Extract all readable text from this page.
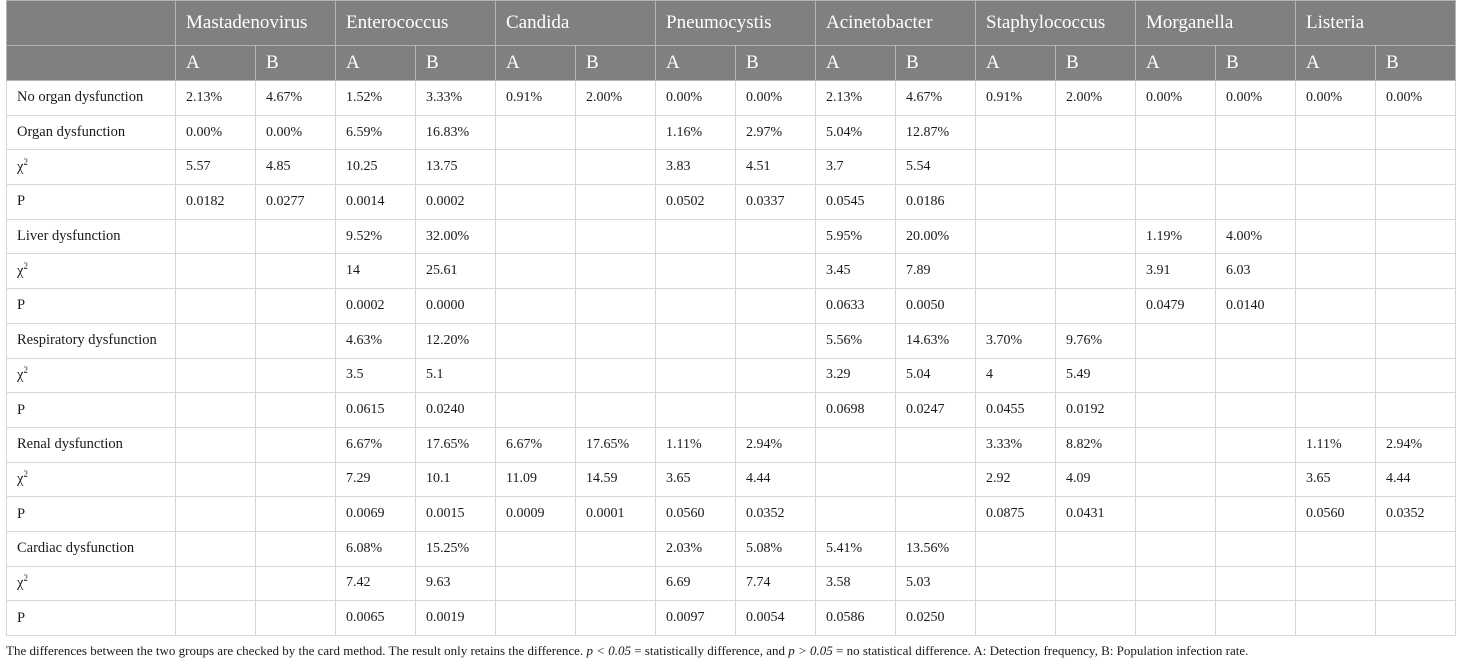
	Mastadenovirus		Enterococcus		Candida		Pneumocystis		Acinetobacter		Staphylococcus		Morganella		Listeria	
	A	B	A	B	A	B	A	B	A	B	A	B	A	B	A	B
No organ dysfunction	2.13%	4.67%	1.52%	3.33%	0.91%	2.00%	0.00%	0.00%	2.13%	4.67%	0.91%	2.00%	0.00%	0.00%	0.00%	0.00%
Organ dysfunction	0.00%	0.00%	6.59%	16.83%			1.16%	2.97%	5.04%	12.87%						
$\chi^2$	5.57	4.85	10.25	13.75			3.83	4.51	3.7	5.54						
P	0.0182	0.0277	0.0014	0.0002			0.0502	0.0337	0.0545	0.0186						
Liver dysfunction			9.52%	32.00%					5.95%	20.00%			1.19%	4.00%		
$\chi^2$			14	25.61					3.45	7.89			3.91	6.03		
P			0.0002	0.0000					0.0633	0.0050			0.0479	0.0140		
Respiratory dysfunction			4.63%	12.20%					5.56%	14.63%	3.70%	9.76%				
$\chi^2$			3.5	5.1					3.29	5.04	4	5.49				
P			0.0615	0.0240					0.0698	0.0247	0.0455	0.0192				
Renal dysfunction			6.67%	17.65%	6.67%	17.65%	1.11%	2.94%			3.33%	8.82%			1.11%	2.94%
$\chi^2$			7.29	10.1	11.09	14.59	3.65	4.44			2.92	4.09			3.65	4.44
P			0.0069	0.0015	0.0009	0.0001	0.0560	0.0352			0.0875	0.0431			0.0560	0.0352
Cardiac dysfunction			6.08%	15.25%			2.03%	5.08%	5.41%	13.56%						
$\chi^2$			7.42	9.63			6.69	7.74	3.58	5.03						
P			0.0065	0.0019			0.0097	0.0054	0.0586	0.0250						
The differences between the two groups are checked by the card method. The result only retains the difference. p < 0.05 = statistically difference, and p > 0.05 = no statistical difference. A: Detection frequency, B: Population infection rate.
